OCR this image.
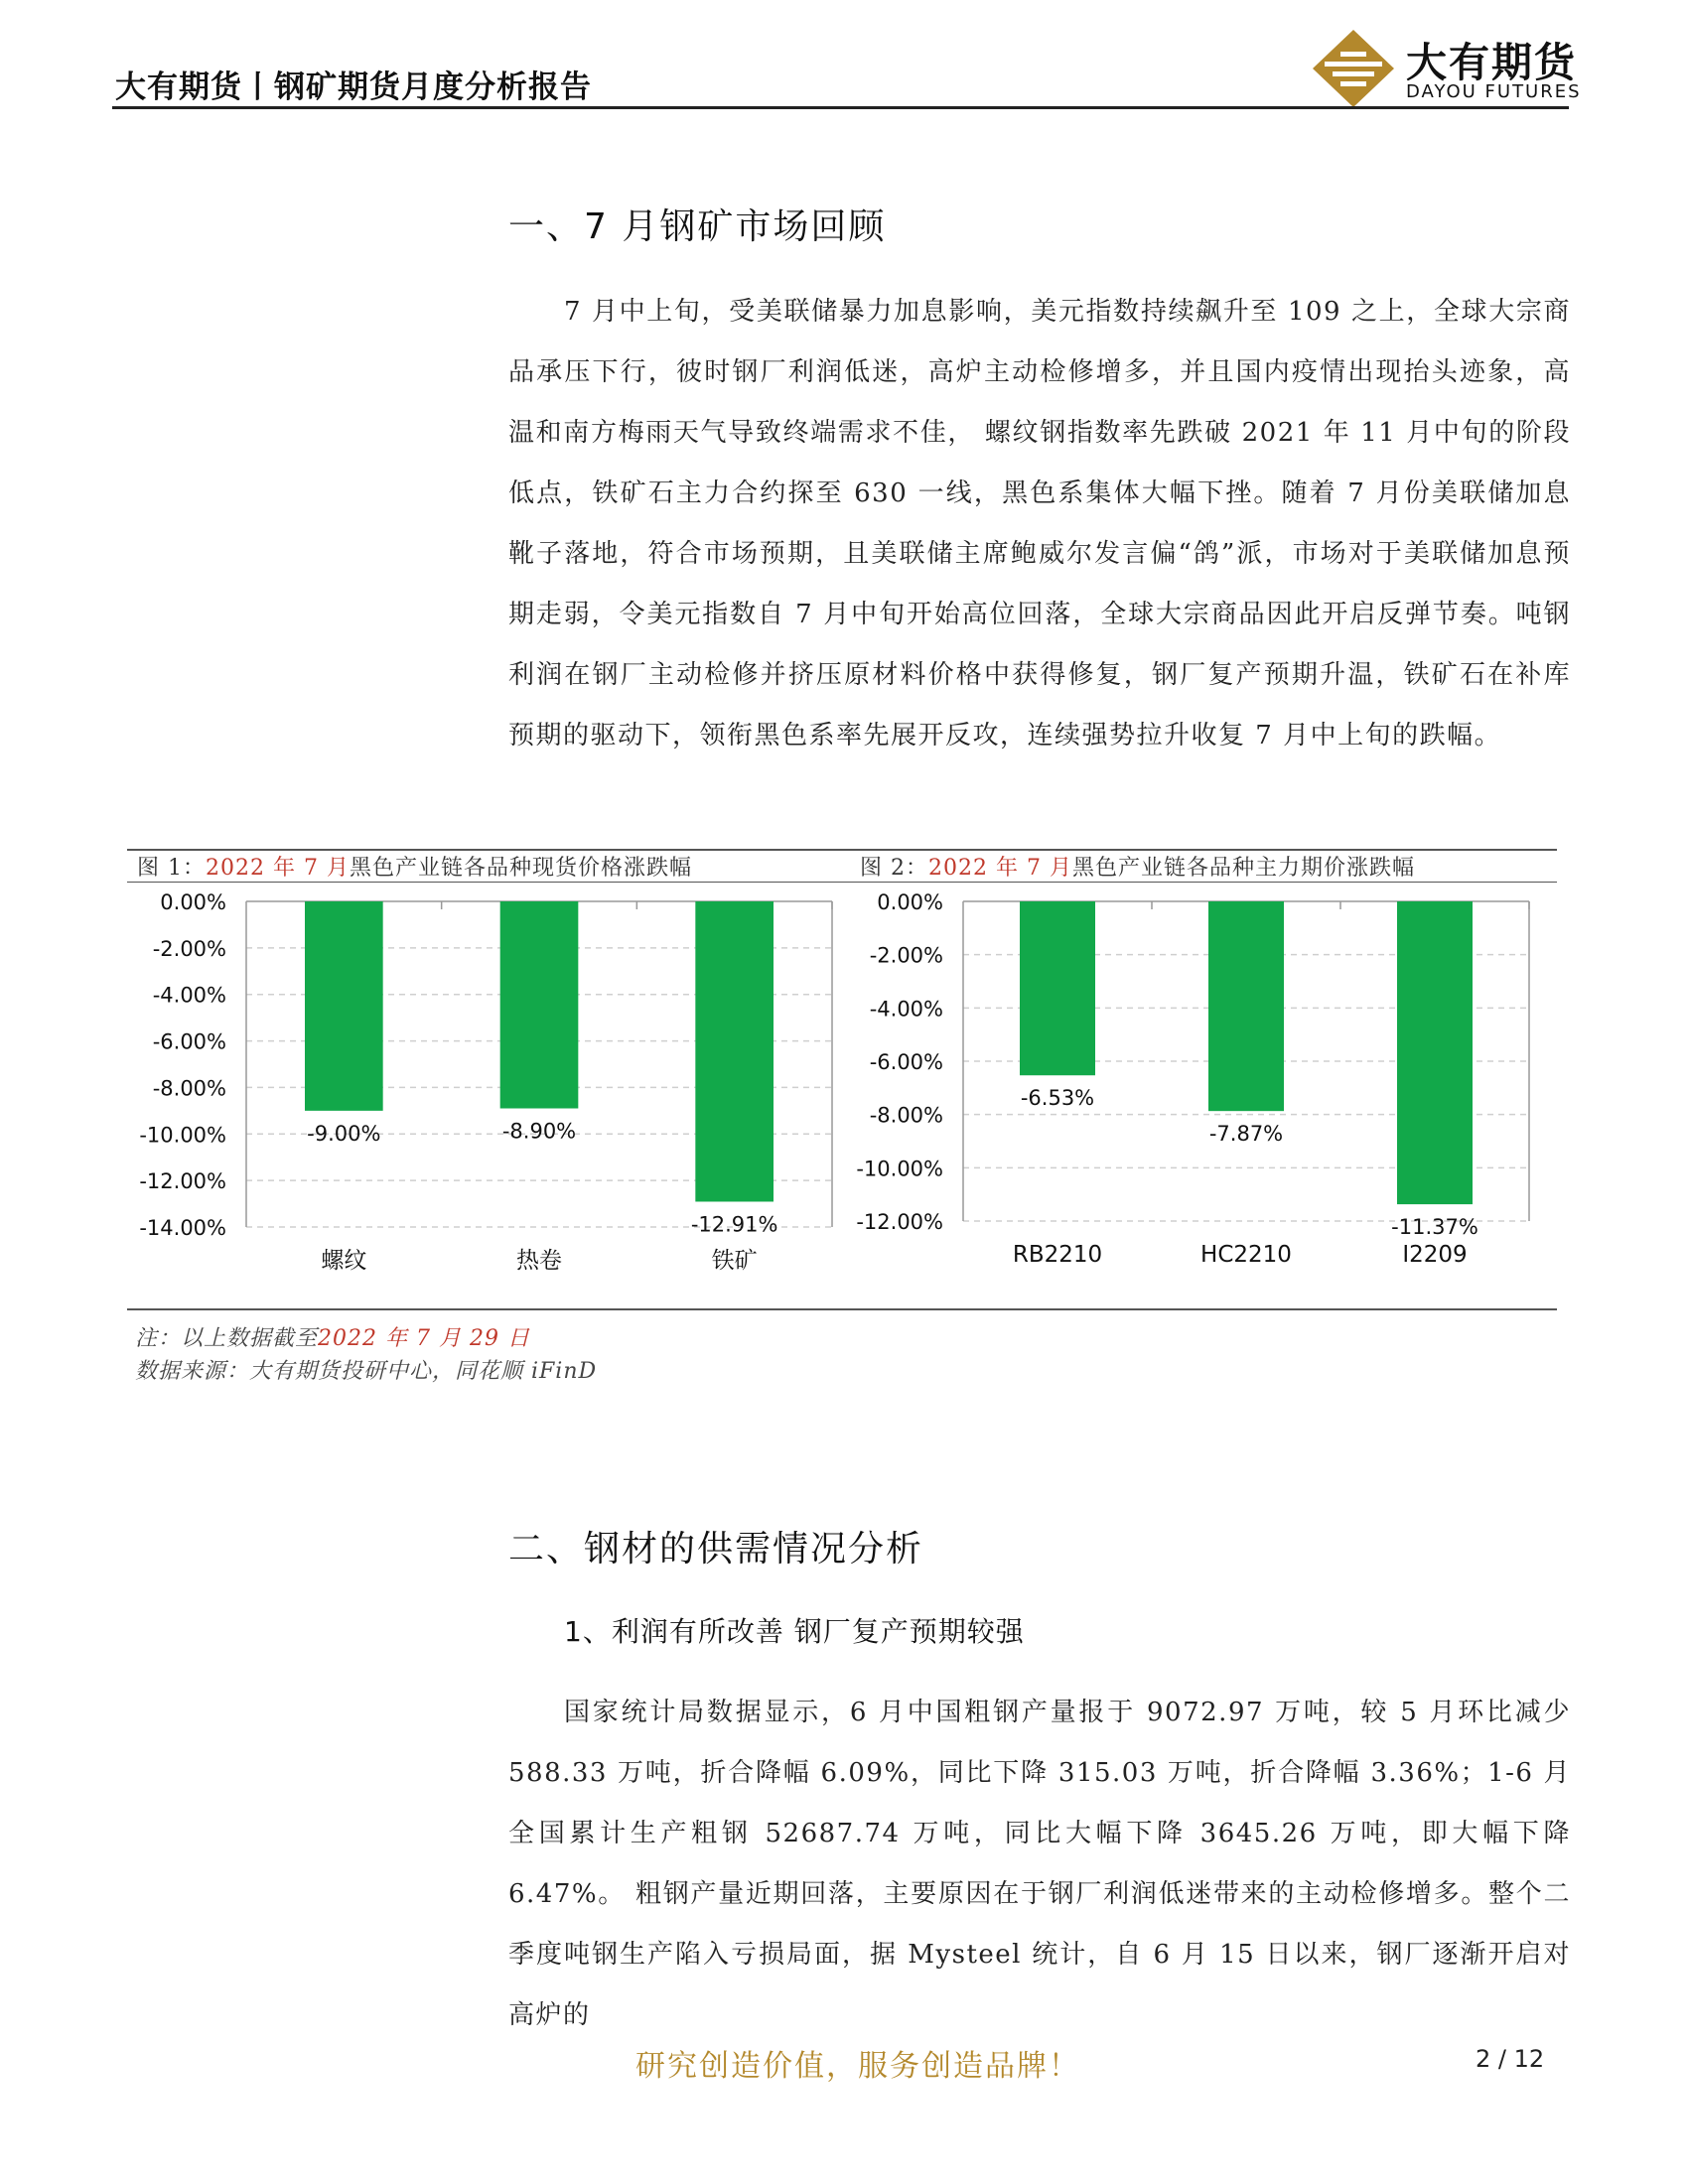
大有期货丨钢矿期货月度分析报告
大有期货
DAYOU FUTURES
一、7 月钢矿市场回顾

7 月中上旬，受美联储暴力加息影响，美元指数持续飙升至 109 之上，全球大宗商品承压下行，彼时钢厂利润低迷，高炉主动检修增多，并且国内疫情出现抬头迹象，高温和南方梅雨天气导致终端需求不佳， 螺纹钢指数率先跌破 2021 年 11 月中旬的阶段低点，铁矿石主力合约探至 630 一线，黑色系集体大幅下挫。随着 7 月份美联储加息靴子落地，符合市场预期，且美联储主席鲍威尔发言偏“鸽”派，市场对于美联储加息预期走弱，令美元指数自 7 月中旬开始高位回落，全球大宗商品因此开启反弹节奏。吨钢利润在钢厂主动检修并挤压原材料价格中获得修复，钢厂复产预期升温，铁矿石在补库预期的驱动下，领衔黑色系率先展开反攻，连续强势拉升收复 7 月中上旬的跌幅。

图 1：2022 年 7 月黑色产业链各品种现货价格涨跌幅	图 2：2022 年 7 月黑色产业链各品种主力期价涨跌幅
0.00%
-2.00%
-4.00%
-6.00%
-8.00%
-10.00%
-12.00%
-14.00%
-9.00%
螺纹
-8.90%
热卷
-12.91%
铁矿
0.00%
-2.00%
-4.00%
-6.00%
-8.00%
-10.00%
-12.00%
-6.53%
RB2210
-7.87%
HC2210
-11.37%
I2209
注：以上数据截至2022 年 7 月 29 日
数据来源：大有期货投研中心，同花顺 iFinD
二、钢材的供需情况分析
1、利润有所改善 钢厂复产预期较强

国家统计局数据显示，6 月中国粗钢产量报于 9072.97 万吨，较 5 月环比减少 588.33 万吨，折合降幅 6.09%，同比下降 315.03 万吨，折合降幅 3.36%；1-6 月全国累计生产粗钢 52687.74 万吨，同比大幅下降 3645.26 万吨，即大幅下降 6.47%。 粗钢产量近期回落，主要原因在于钢厂利润低迷带来的主动检修增多。整个二季度吨钢生产陷入亏损局面，据 Mysteel 统计，自 6 月 15 日以来，钢厂逐渐开启对高炉的

研究创造价值，服务创造品牌！	2 / 12
